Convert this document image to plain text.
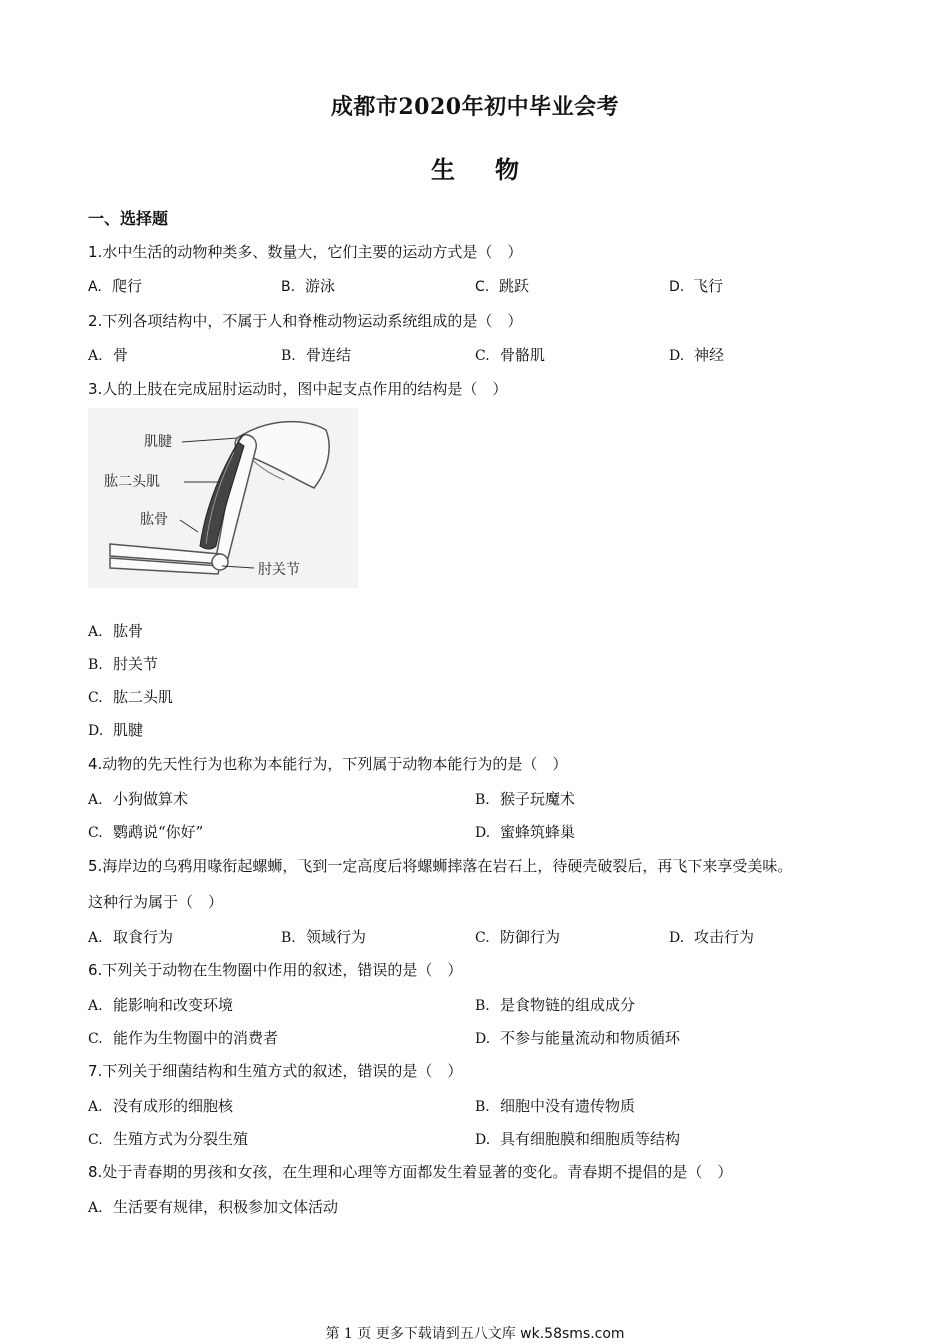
成都市2020年初中毕业会考
生 物
一、选择题
1.水中生活的动物种类多、数量大，它们主要的运动方式是（　）
A. 爬行	B. 游泳	C. 跳跃	D. 飞行
2.下列各项结构中，不属于人和脊椎动物运动系统组成的是（　）
A. 骨	B. 骨连结	C. 骨骼肌	D. 神经
3.人的上肢在完成屈肘运动时，图中起支点作用的结构是（　）
肌腱
肱二头肌
肱骨
肘关节
A. 肱骨
B. 肘关节
C. 肱二头肌
D. 肌腱
4.动物的先天性行为也称为本能行为，下列属于动物本能行为的是（　）
A. 小狗做算术	B. 猴子玩魔术
C. 鹦鹉说“你好”	D. 蜜蜂筑蜂巢
5.海岸边的乌鸦用喙衔起螺蛳，飞到一定高度后将螺蛳摔落在岩石上，待硬壳破裂后，再飞下来享受美味。
这种行为属于（　）
A. 取食行为	B. 领域行为	C. 防御行为	D. 攻击行为
6.下列关于动物在生物圈中作用的叙述，错误的是（　）
A. 能影响和改变环境	B. 是食物链的组成成分
C. 能作为生物圈中的消费者	D. 不参与能量流动和物质循环
7.下列关于细菌结构和生殖方式的叙述，错误的是（　）
A. 没有成形的细胞核	B. 细胞中没有遗传物质
C. 生殖方式为分裂生殖	D. 具有细胞膜和细胞质等结构
8.处于青春期的男孩和女孩，在生理和心理等方面都发生着显著的变化。青春期不提倡的是（　）
A. 生活要有规律，积极参加文体活动
第 1 页 更多下载请到五八文库 wk.58sms.com
